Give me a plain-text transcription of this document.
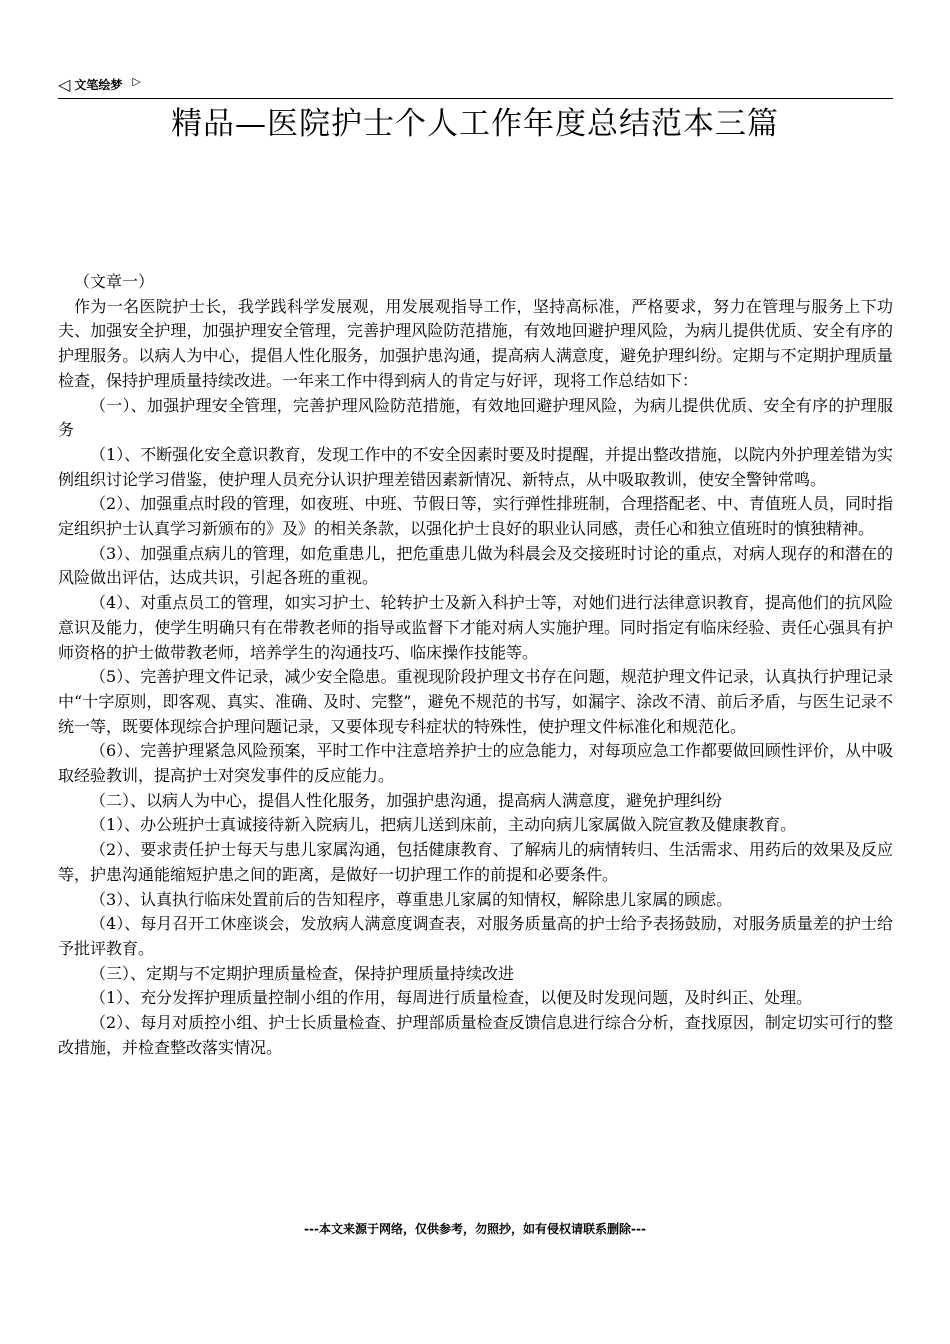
◁ 文笔绘梦 ▷
精品—医院护士个人工作年度总结范本三篇

（文章一）

作为一名医院护士长，我学践科学发展观，用发展观指导工作，坚持高标准，严格要求，努力在管理与服务上下功夫、加强安全护理，加强护理安全管理，完善护理风险防范措施，有效地回避护理风险，为病儿提供优质、安全有序的护理服务。以病人为中心，提倡人性化服务，加强护患沟通，提高病人满意度，避免护理纠纷。定期与不定期护理质量检查，保持护理质量持续改进。一年来工作中得到病人的肯定与好评，现将工作总结如下：

（一）、加强护理安全管理，完善护理风险防范措施，有效地回避护理风险，为病儿提供优质、安全有序的护理服务

（1）、不断强化安全意识教育，发现工作中的不安全因素时要及时提醒，并提出整改措施，以院内外护理差错为实例组织讨论学习借鉴，使护理人员充分认识护理差错因素新情况、新特点，从中吸取教训，使安全警钟常鸣。

（2）、加强重点时段的管理，如夜班、中班、节假日等，实行弹性排班制，合理搭配老、中、青值班人员，同时指定组织护士认真学习新颁布的》及》的相关条款，以强化护士良好的职业认同感，责任心和独立值班时的慎独精神。

（3）、加强重点病儿的管理，如危重患儿，把危重患儿做为科晨会及交接班时讨论的重点，对病人现存的和潜在的风险做出评估，达成共识，引起各班的重视。

（4）、对重点员工的管理，如实习护士、轮转护士及新入科护士等，对她们进行法律意识教育，提高他们的抗风险意识及能力，使学生明确只有在带教老师的指导或监督下才能对病人实施护理。同时指定有临床经验、责任心强具有护师资格的护士做带教老师，培养学生的沟通技巧、临床操作技能等。

（5）、完善护理文件记录，减少安全隐患。重视现阶段护理文书存在问题，规范护理文件记录，认真执行护理记录中“十字原则，即客观、真实、准确、及时、完整”，避免不规范的书写，如漏字、涂改不清、前后矛盾，与医生记录不统一等，既要体现综合护理问题记录，又要体现专科症状的特殊性，使护理文件标准化和规范化。

（6）、完善护理紧急风险预案，平时工作中注意培养护士的应急能力，对每项应急工作都要做回顾性评价，从中吸取经验教训，提高护士对突发事件的反应能力。

（二）、以病人为中心，提倡人性化服务，加强护患沟通，提高病人满意度，避免护理纠纷

（1）、办公班护士真诚接待新入院病儿，把病儿送到床前，主动向病儿家属做入院宣教及健康教育。

（2）、要求责任护士每天与患儿家属沟通，包括健康教育、了解病儿的病情转归、生活需求、用药后的效果及反应等，护患沟通能缩短护患之间的距离，是做好一切护理工作的前提和必要条件。

（3）、认真执行临床处置前后的告知程序，尊重患儿家属的知情权，解除患儿家属的顾虑。

（4）、每月召开工休座谈会，发放病人满意度调查表，对服务质量高的护士给予表扬鼓励，对服务质量差的护士给予批评教育。

（三）、定期与不定期护理质量检查，保持护理质量持续改进

（1）、充分发挥护理质量控制小组的作用，每周进行质量检查，以便及时发现问题，及时纠正、处理。

（2）、每月对质控小组、护士长质量检查、护理部质量检查反馈信息进行综合分析，查找原因，制定切实可行的整改措施，并检查整改落实情况。

---本文来源于网络，仅供参考，勿照抄，如有侵权请联系删除---
